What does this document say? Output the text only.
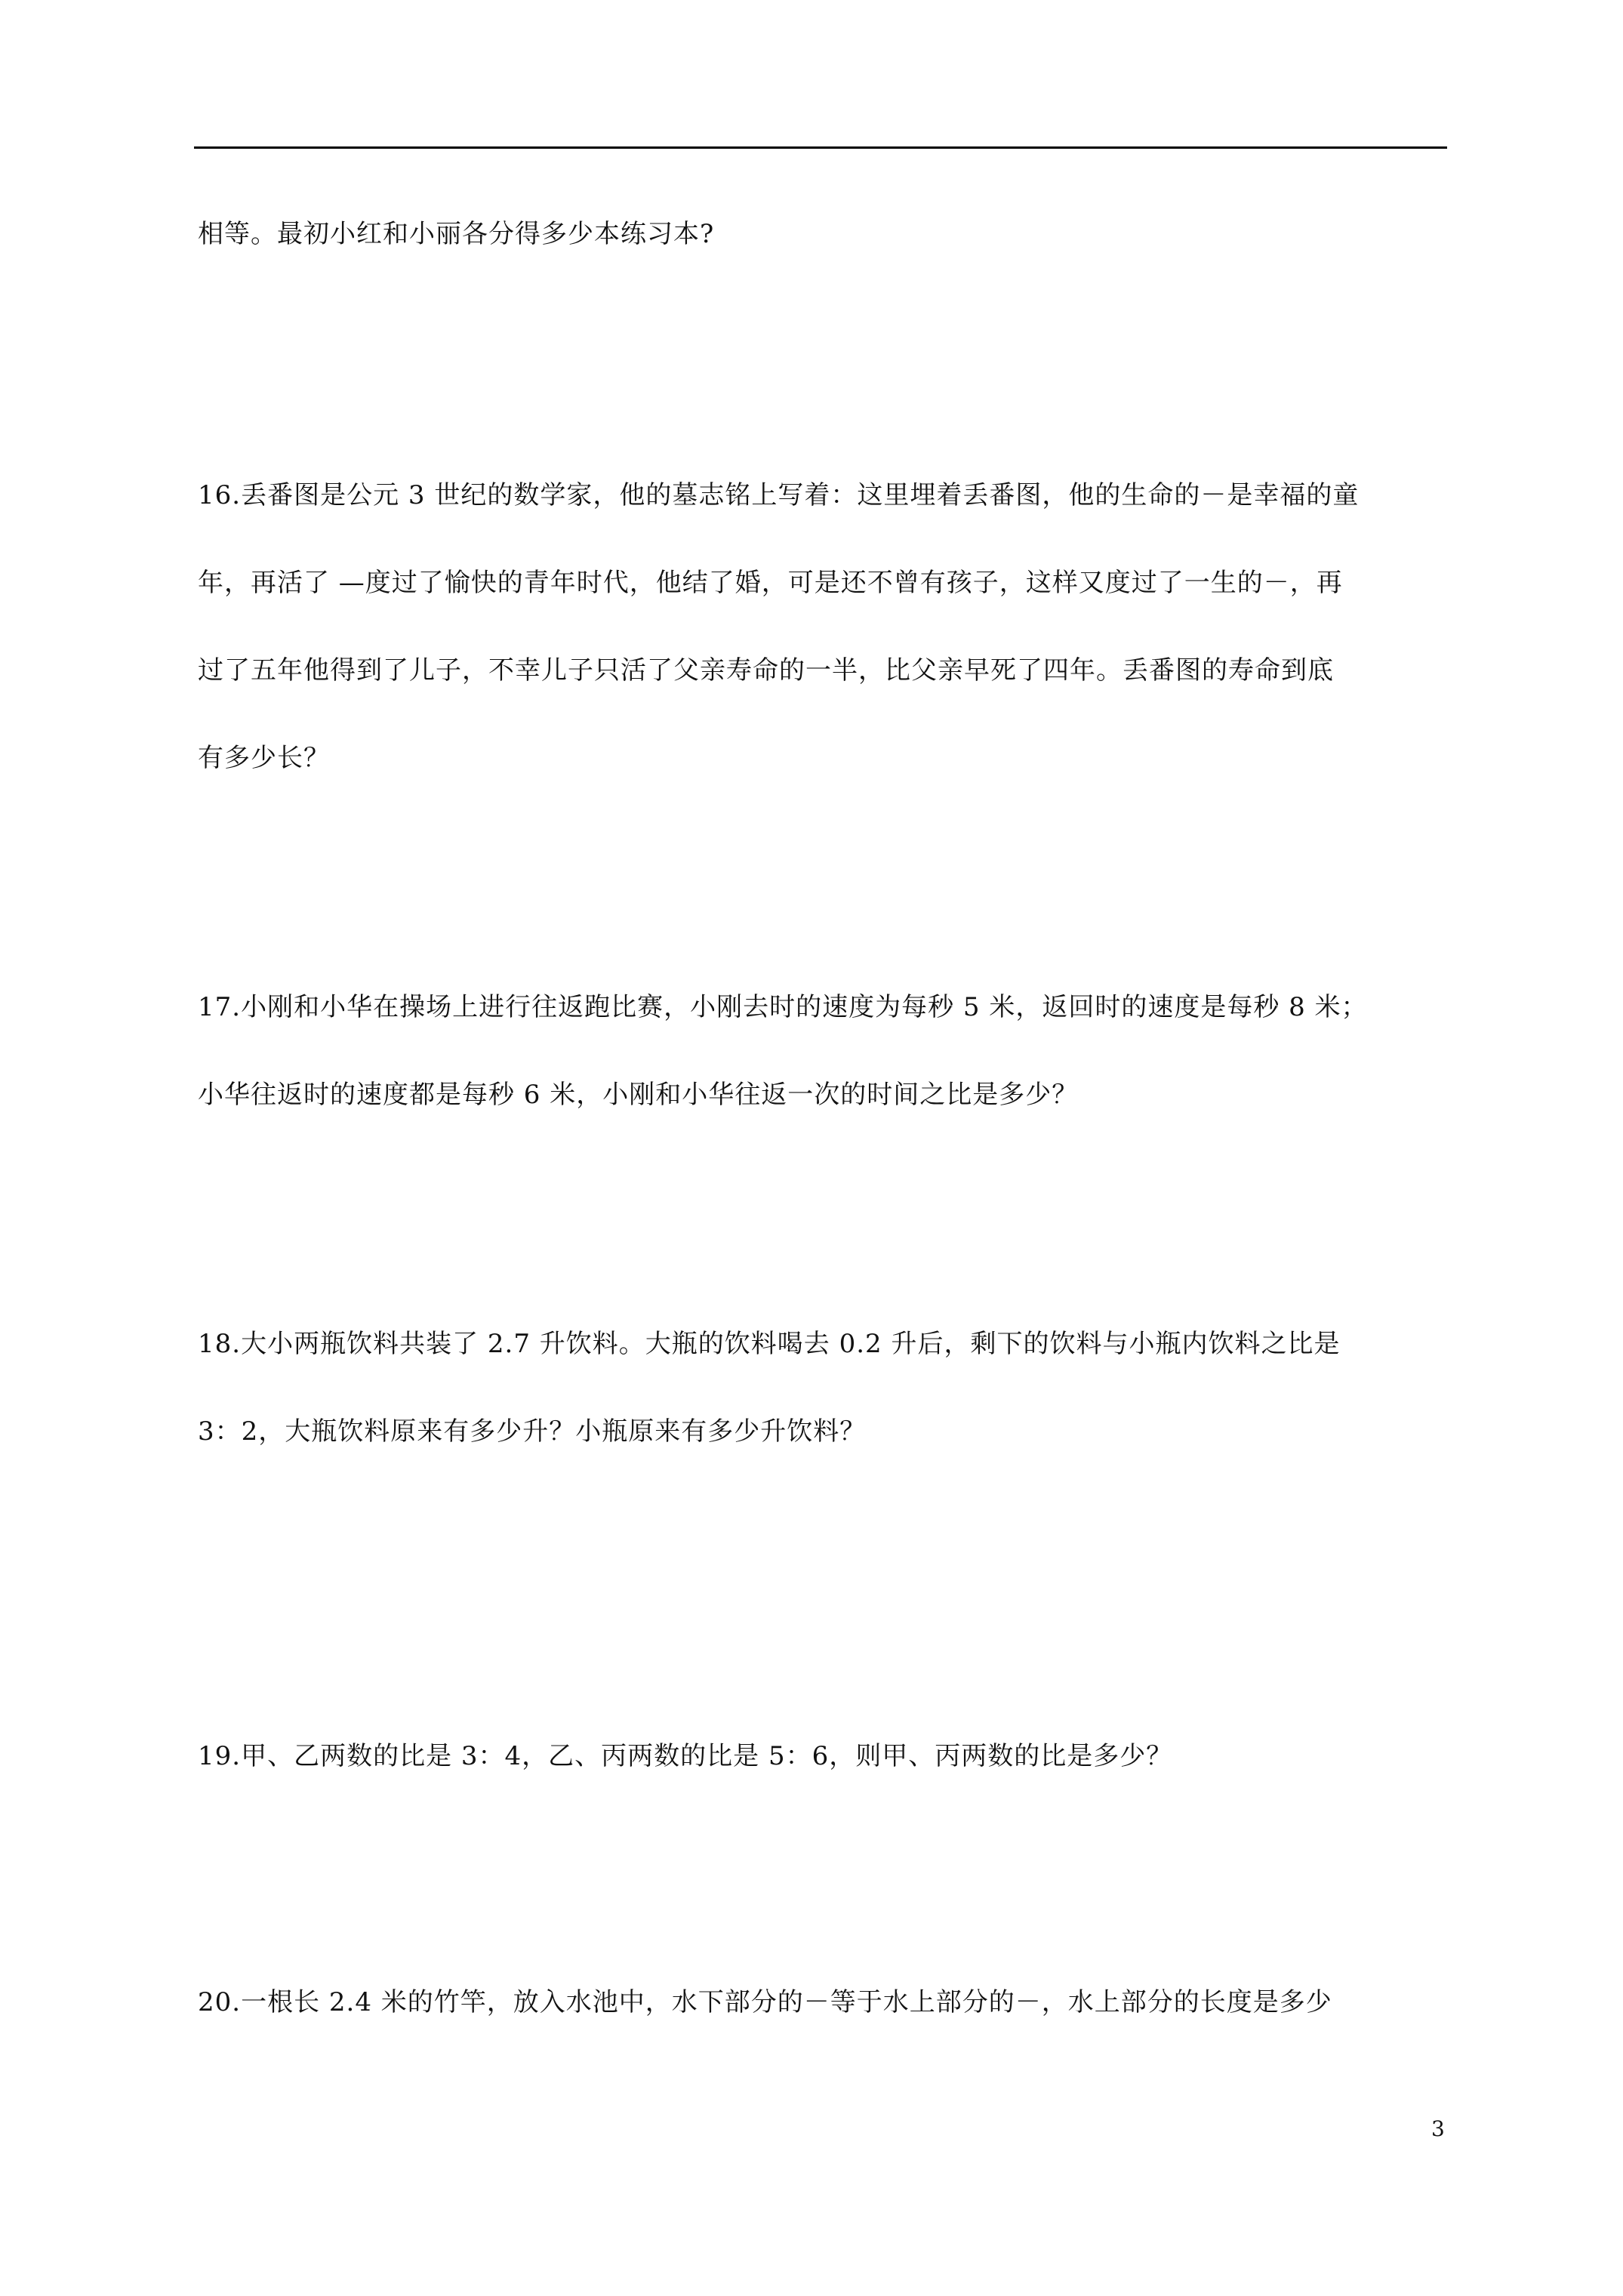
相等。最初小红和小丽各分得多少本练习本?
16.丢番图是公元 3 世纪的数学家，他的墓志铭上写着：这里埋着丢番图，他的生命的－是幸福的童
年，再活了 —度过了愉快的青年时代，他结了婚，可是还不曾有孩子，这样又度过了一生的－，再
过了五年他得到了儿子，不幸儿子只活了父亲寿命的一半，比父亲早死了四年。丢番图的寿命到底
有多少长？
17.小刚和小华在操场上进行往返跑比赛，小刚去时的速度为每秒 5 米，返回时的速度是每秒 8 米；
小华往返时的速度都是每秒 6 米，小刚和小华往返一次的时间之比是多少？
18.大小两瓶饮料共装了 2.7 升饮料。大瓶的饮料喝去 0.2 升后，剩下的饮料与小瓶内饮料之比是
3：2，大瓶饮料原来有多少升？小瓶原来有多少升饮料？
19.甲、乙两数的比是 3：4，乙、丙两数的比是 5：6，则甲、丙两数的比是多少？
20.一根长 2.4 米的竹竿，放入水池中，水下部分的－等于水上部分的－，水上部分的长度是多少
3
